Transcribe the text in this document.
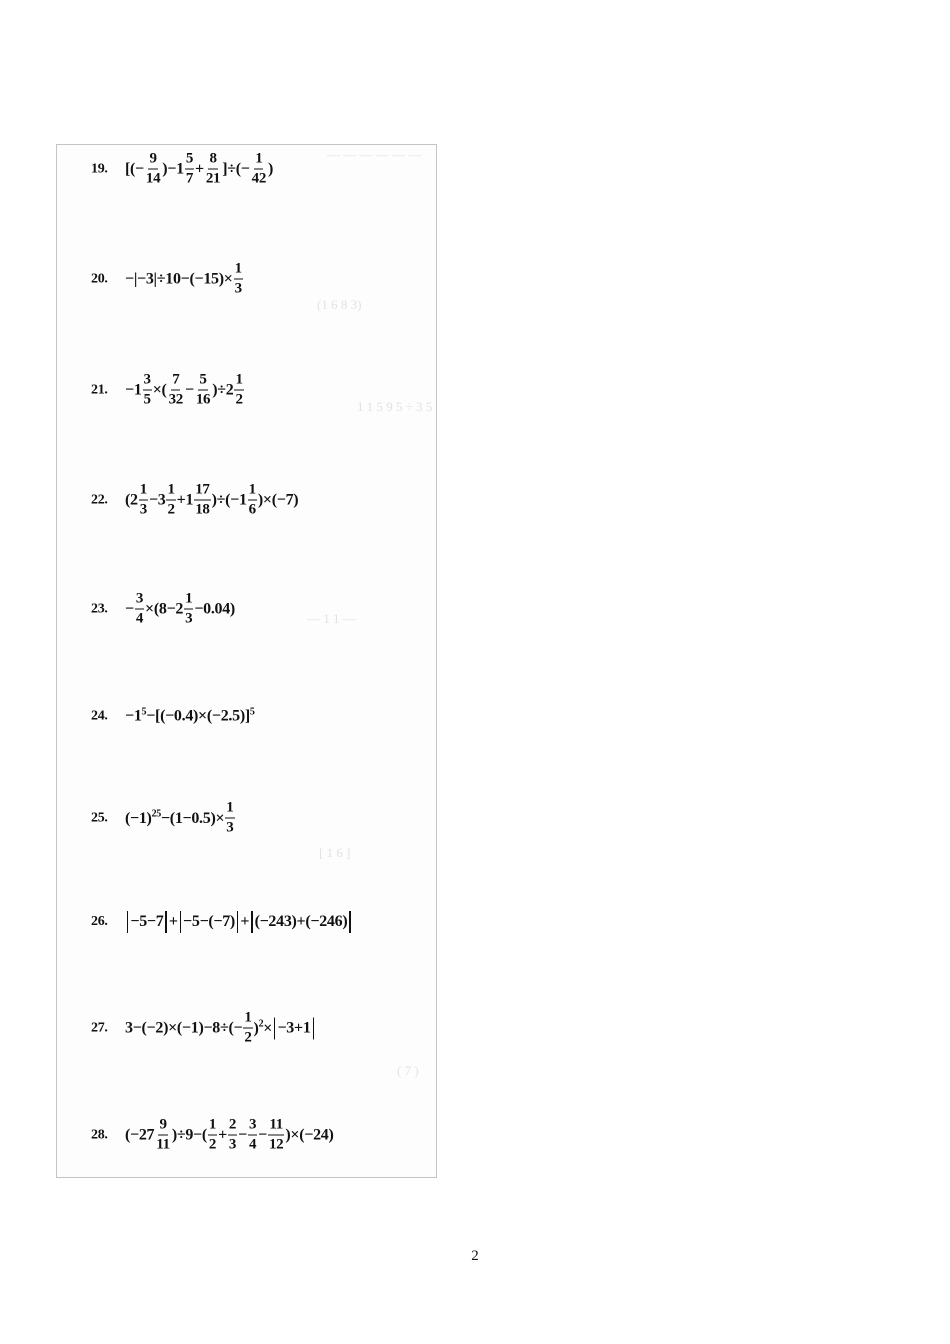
— — — — — —
(1 6 8 3)
1 1 5 9 5 ÷ 3 5
— 1 1 —
[ 1 6 ]
( 7 )
19.	[(− $\frac{9}{14} )-1 \frac{5}{7} + \frac{8}{21}$ ]÷(− $\frac{1}{42}$ )
20.	$-|-3|\div 10-(-15)\times \frac{1}{3}$
21.	$-1 \frac{3}{5}$ ×( $\frac{7}{32} - \frac{5}{16} )\div 2 \frac{1}{2}$
22.	$(2 \frac{1}{3} -3 \frac{1}{2} +1 \frac{17}{18} )\div(-1 \frac{1}{6} )\times(-7)$
23.	− $\frac{3}{4} \times(8-2 \frac{1}{3} -0.04)$
24.	$-1^5-[(-0.4)\times(-2.5)]^5$
25.	$(-1)^{25}-(1-0.5)\times \frac{1}{3}$
26.	−5−7 + −5−(−7) + (−243)+(−246)
27.	$3-(-2)\times(-1)-8\div(- \frac{1}{2} )^2\times -3+1$
28.	$(-27 \frac{9}{11} )\div 9-( \frac{1}{2} + \frac{2}{3} - \frac{3}{4} - \frac{11}{12} )\times(-24)$
2
